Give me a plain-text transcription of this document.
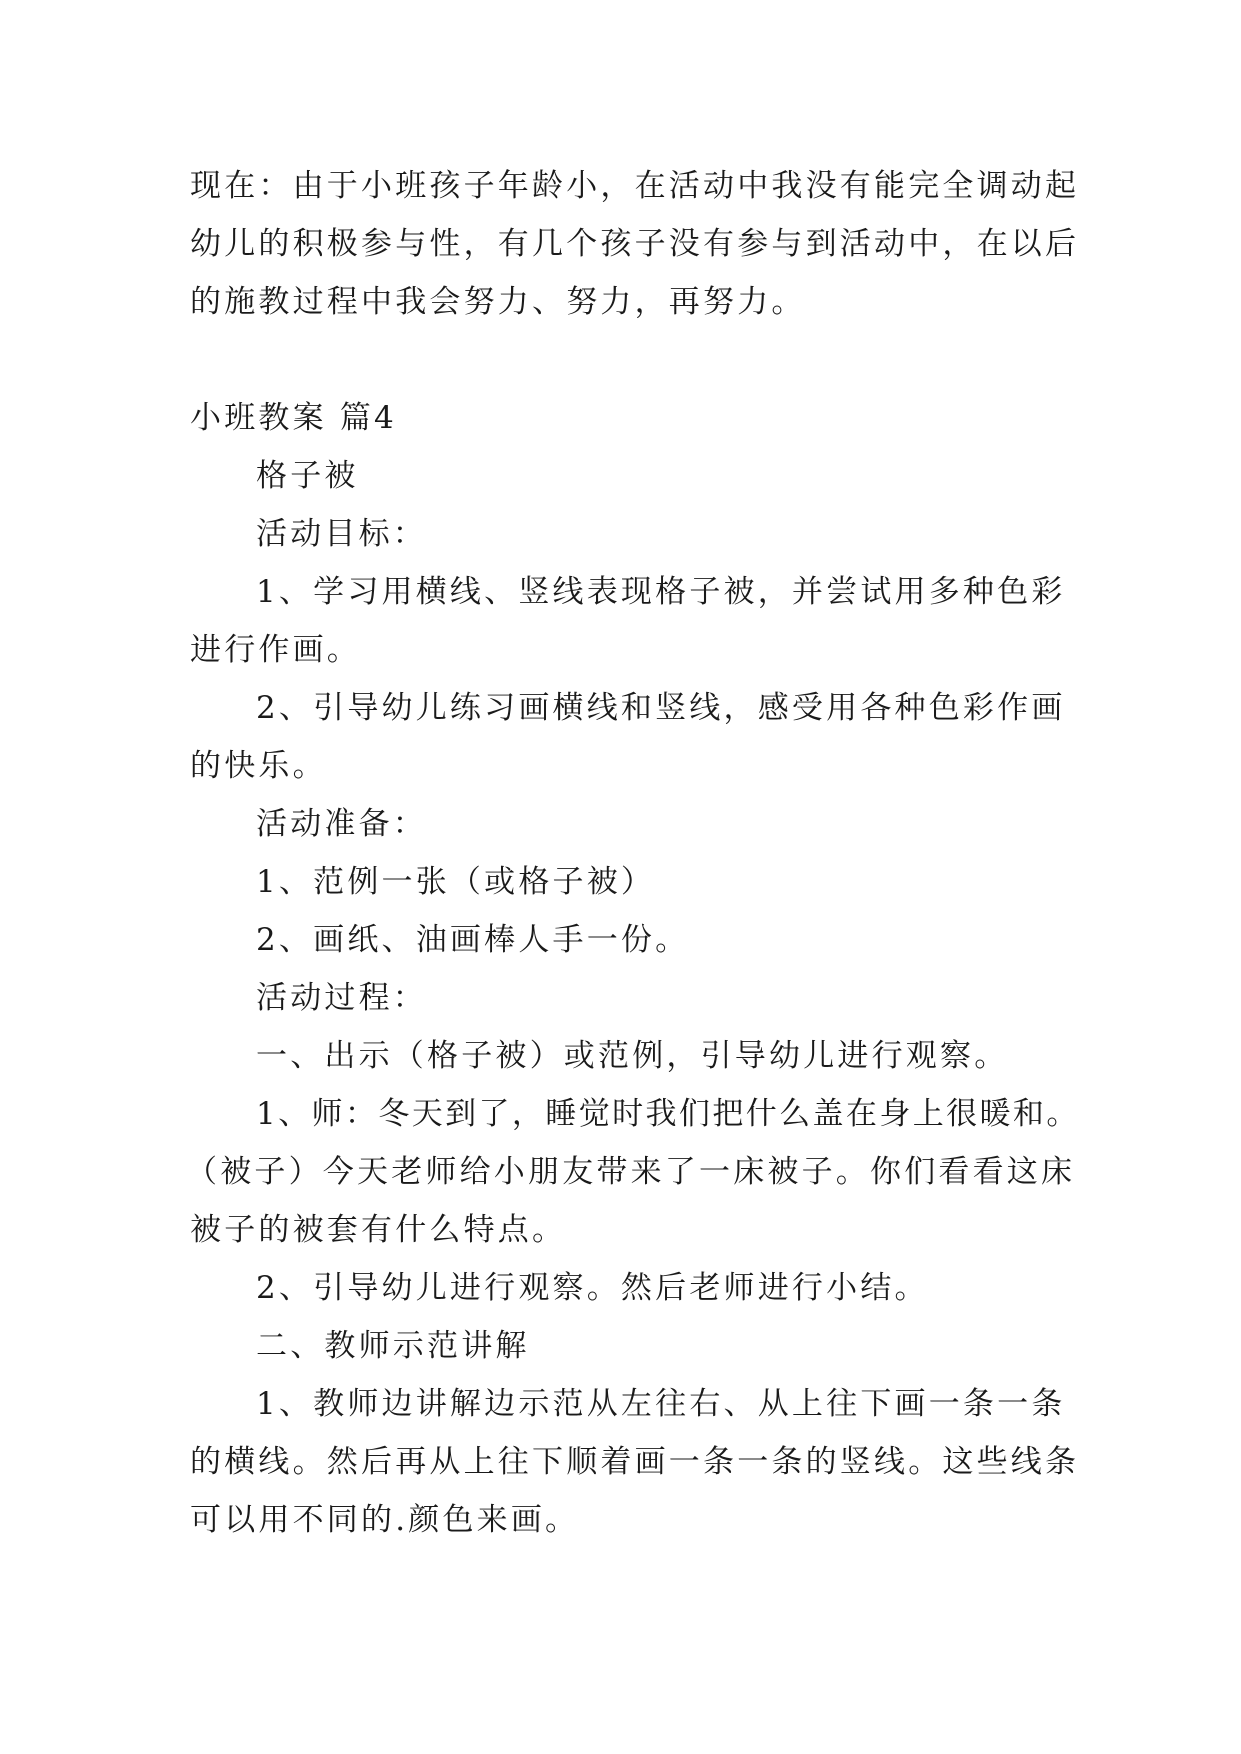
现在：由于小班孩子年龄小，在活动中我没有能完全调动起
幼儿的积极参与性，有几个孩子没有参与到活动中，在以后
的施教过程中我会努力、努力，再努力。
小班教案 篇4
格子被
活动目标：
1、学习用横线、竖线表现格子被，并尝试用多种色彩
进行作画。
2、引导幼儿练习画横线和竖线，感受用各种色彩作画
的快乐。
活动准备：
1、范例一张（或格子被）
2、画纸、油画棒人手一份。
活动过程：
一、出示（格子被）或范例，引导幼儿进行观察。
1、师：冬天到了，睡觉时我们把什么盖在身上很暖和。
（被子）今天老师给小朋友带来了一床被子。你们看看这床
被子的被套有什么特点。
2、引导幼儿进行观察。然后老师进行小结。
二、教师示范讲解
1、教师边讲解边示范从左往右、从上往下画一条一条
的横线。然后再从上往下顺着画一条一条的竖线。这些线条
可以用不同的.颜色来画。
